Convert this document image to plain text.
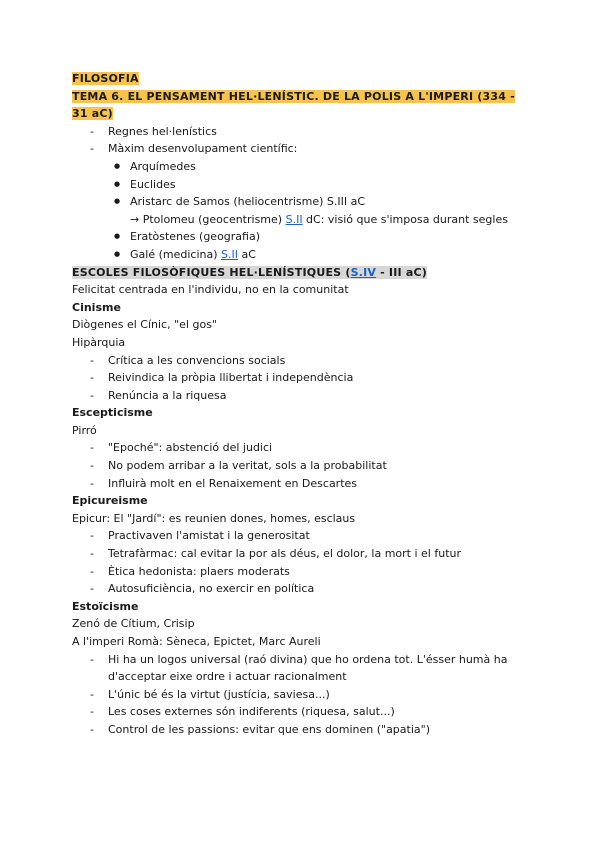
FILOSOFIA
TEMA 6. EL PENSAMENT HEL·LENÍSTIC. DE LA POLIS A L'IMPERI (334 - 31 aC)
- Regnes hel·lenístics
- Màxim desenvolupament científic:
● Arquímedes
● Euclides
● Aristarc de Samos (heliocentrisme) S.III aC
→ Ptolomeu (geocentrisme) S.II dC: visió que s'imposa durant segles
● Eratòstenes (geografia)
● Galé (medicina) S.II aC
ESCOLES FILOSÒFIQUES HEL·LENÍSTIQUES (S.IV - III aC)
Felicitat centrada en l'individu, no en la comunitat
Cinisme
Diògenes el Cínic, "el gos"
Hipàrquia
- Crítica a les convencions socials
- Reivindica la pròpia llibertat i independència
- Renúncia a la riquesa
Escepticisme
Pirró
- "Epoché": abstenció del judici
- No podem arribar a la veritat, sols a la probabilitat
- Influirà molt en el Renaixement en Descartes
Epicureisme
Epicur: El "Jardí": es reunien dones, homes, esclaus
- Practivaven l'amistat i la generositat
- Tetrafàrmac: cal evitar la por als déus, el dolor, la mort i el futur
- Ètica hedonista: plaers moderats
- Autosuficiència, no exercir en política
Estoïcisme
Zenó de Cítium, Crisip
A l'imperi Romà: Sèneca, Epictet, Marc Aureli
- Hi ha un logos universal (raó divina) que ho ordena tot. L'ésser humà ha d'acceptar eixe ordre i actuar racionalment
- L'únic bé és la virtut (justícia, saviesa...)
- Les coses externes són indiferents (riquesa, salut...)
- Control de les passions: evitar que ens dominen ("apatia")
